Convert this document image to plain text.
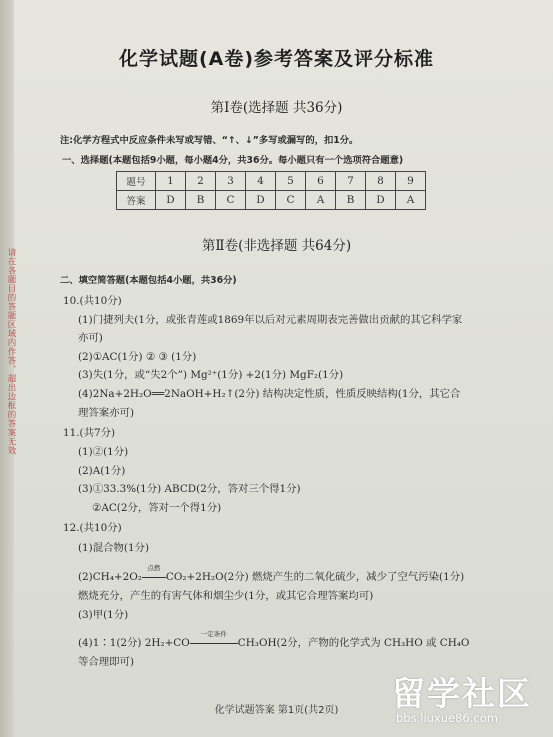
请在各题目的答题区域内作答，超出边框的答案无效
化学试题(A卷)参考答案及评分标准
第Ⅰ卷(选择题 共36分)
注:化学方程式中反应条件未写或写错、“↑、↓”多写或漏写的，扣1分。
一、选择题(本题包括9小题，每小题4分，共36分。每小题只有一个选项符合题意)
题号	1	2	3	4	5	6	7	8	9
答案	D	B	C	D	C	A	B	D	A
第Ⅱ卷(非选择题 共64分)
二、填空简答题(本题包括4小题，共36分)
10.(共10分)
(1)门捷列夫(1分，或张青莲或1869年以后对元素周期表完善做出贡献的其它科学家
亦可)
(2)①AC(1分) ② ③ (1分)
(3)失(1分，或“失2个”) Mg²⁺(1分) +2(1分) MgF₂(1分)
(4)2Na+2H₂O══2NaOH+H₂↑(2分) 结构决定性质，性质反映结构(1分，其它合
理答案亦可)
11.(共7分)
(1)②(1分)
(2)A(1分)
(3)①33.3%(1分) ABCD(2分，答对三个得1分)
②AC(2分，答对一个得1分)
12.(共10分)
(1)混合物(1分)
(2)CH₄+2O₂
点燃
CO₂+2H₂O(2分) 燃烧产生的二氧化硫少，减少了空气污染(1分)
燃烧充分，产生的有害气体和烟尘少(1分，或其它合理答案均可)
(3)甲(1分)
(4)1∶1(2分) 2H₂+CO
一定条件
CH₃OH(2分，产物的化学式为 CH₃HO 或 CH₄O
等合理即可)
化学试题答案 第1页(共2页)	留学社区
bbs.liuxue86.com
